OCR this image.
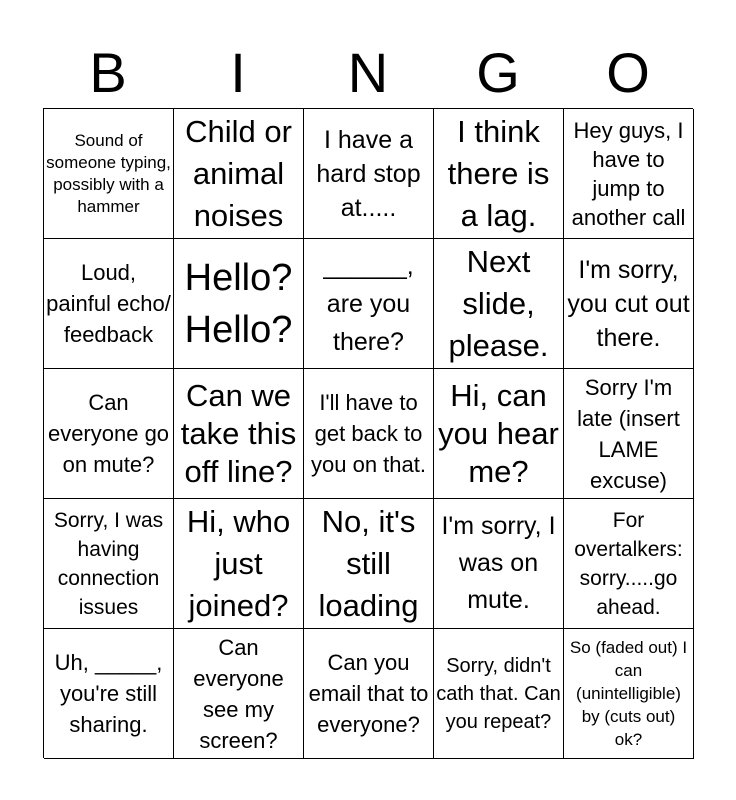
B	I	N	G	O
Sound of someone typing, possibly with a hammer
Child or animal noises
I have a hard stop at.....
I think there is a lag.
Hey guys, I have to jump to another call
Loud, painful echo/ feedback
Hello? Hello?
______, are you there?
Next slide, please.
I'm sorry, you cut out there.
Can everyone go on mute?
Can we take this off line?
I'll have to get back to you on that.
Hi, can you hear me?
Sorry I'm late (insert LAME excuse)
Sorry, I was having connection issues
Hi, who just joined?
No, it's still loading
I'm sorry, I was on mute.
For overtalkers: sorry.....go ahead.
Uh, _____, you're still sharing.
Can everyone see my screen?
Can you email that to everyone?
Sorry, didn't cath that. Can you repeat?
So (faded out) I can (unintelligible) by (cuts out) ok?
